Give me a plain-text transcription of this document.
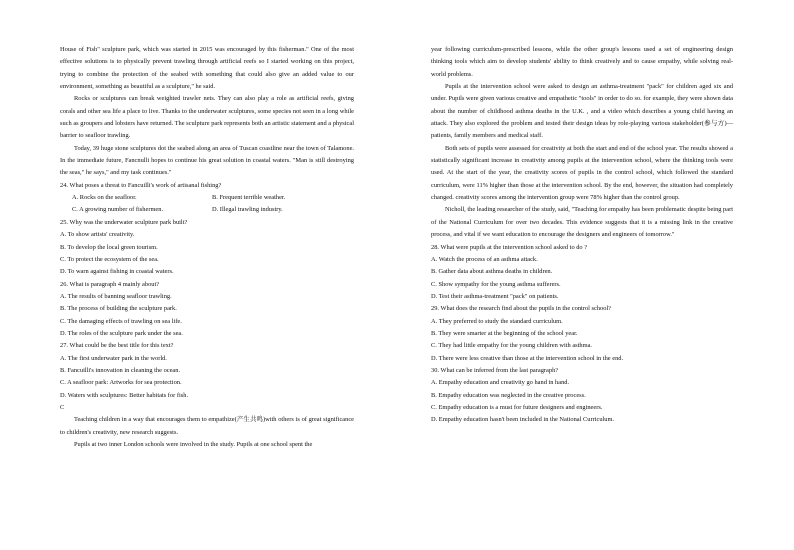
House of Fish" sculpture park, which was started in 2015 was encouraged by this fisherman." One of the most effective solutions is to physically prevent trawling through artificial reefs so I started working on this project, trying to combine the protection of the seabed with something that could also give an added value to our environment, something as beautiful as a sculpture," he said.

Rocks or sculptures can break weighted trawler nets. They can also play a role as artificial reefs, giving corals and other sea life a place to live. Thanks to the underwater sculptures, some species not seen in a long while such as groupers and lobsters have returned. The sculpture park represents both an artistic statement and a physical barrier to seafloor trawling.

Today, 39 huge stone sculptures dot the seabed along an area of Tuscan coastline near the town of Talamone. In the immediate future, Fancnulli hopes to continue his great solution in coastal waters. "Man is still destroying the seas," he says," and my task continues."

24. What poses a threat to Fancuilli's work of artisanal fishing?

A. Rocks on the seafloor.	B. Frequent terrible weather.
C. A growing number of fishermen.	D. Illegal trawling industry.

25. Why was the underwater sculpture park built?

A. To show artists' creativity.

B. To develop the local green tourism.

C. To protect the ecosystem of the sea.

D. To warn against fishing in coastal waters.

26. What is paragraph 4 mainly about?

A. The results of banning seafloor trawling.

B. The process of building the sculpture park.

C. The damaging effects of trawling on sea life.

D. The roles of the sculpture park under the sea.

27. What could be the best title for this text?

A. The first underwater park in the world.

B. Fancuilli's innovation in cleaning the ocean.

C. A seafloor park: Artworks for sea protection.

D. Waters with sculptures: Better habitats for fish.

C

Teaching children in a way that encourages them to empathize(产生共鸣)with others is of great significance to children's creativity, new research suggests.

Pupils at two inner London schools were involved in the study. Pupils at one school spent the

year following curriculum-prescribed lessons, while the other group's lessons used a set of engineering design thinking tools which aim to develop students' ability to think creatively and to cause empathy, while solving real-world problems.

Pupils at the intervention school were asked to design an asthma-treatment "pack" for children aged six and under. Pupils were given various creative and empathetic "tools" in order to do so. for example, they were shown data about the number of childhood asthma deaths in the U.K. , and a video which describes a young child having an attack. They also explored the problem and tested their design ideas by role-playing various stakeholder(参与方)—patients, family members and medical staff.

Both sets of pupils were assessed for creativity at both the start and end of the school year. The results showed a statistically significant increase in creativity among pupils at the intervention school, where the thinking tools were used. At the start of the year, the creativity scores of pupils in the control school, which followed the standard curriculum, were 11% higher than those at the intervention school. By the end, however, the situation had completely changed. creativity scores among the intervention group were 78% higher than the control group.

Nicholl, the leading researcher of the study, said, "Teaching for empathy has been problematic despite being part of the National Curriculum for over two decades. This evidence suggests that it is a missing link in the creative process, and vital if we want education to encourage the designers and engineers of tomorrow."

28. What were pupils at the intervention school asked to do ?

A. Watch the process of an asthma attack.

B. Gather data about asthma deaths in children.

C. Show sympathy for the young asthma sufferers.

D. Test their asthma-treatment "pack" on patients.

29. What does the research find about the pupils in the control school?

A. They preferred to study the standard curriculum.

B. They were smarter at the beginning of the school year.

C. They had little empathy for the young children with asthma.

D. There were less creative than those at the intervention school in the end.

30. What can be inferred from the last paragraph?

A. Empathy education and creativity go hand in hand.

B. Empathy education was neglected in the creative process.

C. Empathy education is a must for future designers and engineers.

D. Empathy education hasn't been included in the National Curriculum.
